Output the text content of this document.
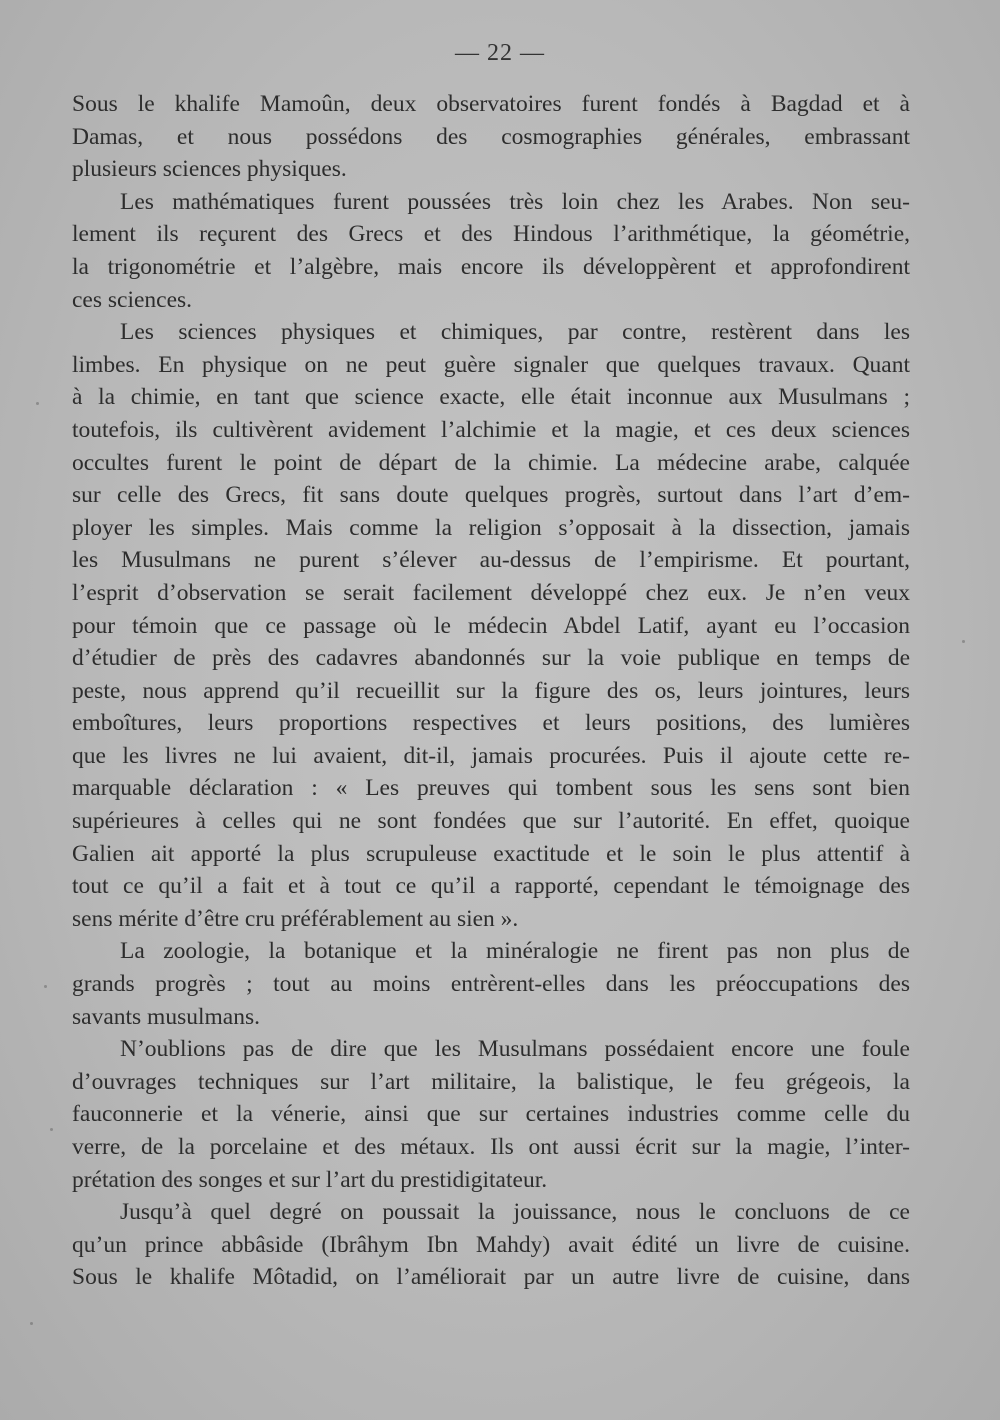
— 22 —
Sous le khalife Mamoûn, deux observatoires furent fondés à Bagdad et à
Damas, et nous possédons des cosmographies générales, embrassant
plusieurs sciences physiques.
Les mathématiques furent poussées très loin chez les Arabes. Non seu-
lement ils reçurent des Grecs et des Hindous l’arithmétique, la géométrie,
la trigonométrie et l’algèbre, mais encore ils développèrent et approfondirent
ces sciences.
Les sciences physiques et chimiques, par contre, restèrent dans les
limbes. En physique on ne peut guère signaler que quelques travaux. Quant
à la chimie, en tant que science exacte, elle était inconnue aux Musulmans ;
toutefois, ils cultivèrent avidement l’alchimie et la magie, et ces deux sciences
occultes furent le point de départ de la chimie. La médecine arabe, calquée
sur celle des Grecs, fit sans doute quelques progrès, surtout dans l’art d’em-
ployer les simples. Mais comme la religion s’opposait à la dissection, jamais
les Musulmans ne purent s’élever au-dessus de l’empirisme. Et pourtant,
l’esprit d’observation se serait facilement développé chez eux. Je n’en veux
pour témoin que ce passage où le médecin Abdel Latif, ayant eu l’occasion
d’étudier de près des cadavres abandonnés sur la voie publique en temps de
peste, nous apprend qu’il recueillit sur la figure des os, leurs jointures, leurs
emboîtures, leurs proportions respectives et leurs positions, des lumières
que les livres ne lui avaient, dit-il, jamais procurées. Puis il ajoute cette re-
marquable déclaration : « Les preuves qui tombent sous les sens sont bien
supérieures à celles qui ne sont fondées que sur l’autorité. En effet, quoique
Galien ait apporté la plus scrupuleuse exactitude et le soin le plus attentif à
tout ce qu’il a fait et à tout ce qu’il a rapporté, cependant le témoignage des
sens mérite d’être cru préférablement au sien ».
La zoologie, la botanique et la minéralogie ne firent pas non plus de
grands progrès ; tout au moins entrèrent-elles dans les préoccupations des
savants musulmans.
N’oublions pas de dire que les Musulmans possédaient encore une foule
d’ouvrages techniques sur l’art militaire, la balistique, le feu grégeois, la
fauconnerie et la vénerie, ainsi que sur certaines industries comme celle du
verre, de la porcelaine et des métaux. Ils ont aussi écrit sur la magie, l’inter-
prétation des songes et sur l’art du prestidigitateur.
Jusqu’à quel degré on poussait la jouissance, nous le concluons de ce
qu’un prince abbâside (Ibrâhym Ibn Mahdy) avait édité un livre de cuisine.
Sous le khalife Môtadid, on l’améliorait par un autre livre de cuisine, dans
